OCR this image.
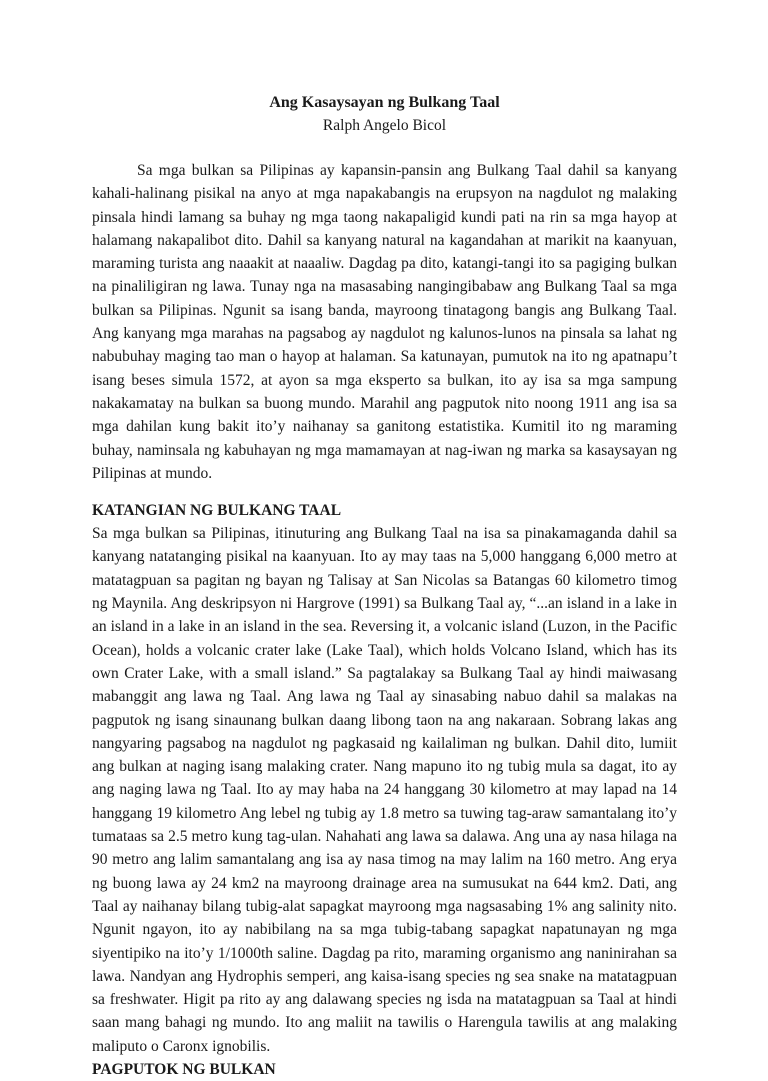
Ang Kasaysayan ng Bulkang Taal

Ralph Angelo Bicol

Sa mga bulkan sa Pilipinas ay kapansin-pansin ang Bulkang Taal dahil sa kanyang kahali-halinang pisikal na anyo at mga napakabangis na erupsyon na nagdulot ng malaking pinsala hindi lamang sa buhay ng mga taong nakapaligid kundi pati na rin sa mga hayop at halamang nakapalibot dito. Dahil sa kanyang natural na kagandahan at marikit na kaanyuan, maraming turista ang naaakit at naaaliw. Dagdag pa dito, katangi-tangi ito sa pagiging bulkan na pinaliligiran ng lawa. Tunay nga na masasabing nangingibabaw ang Bulkang Taal sa mga bulkan sa Pilipinas. Ngunit sa isang banda, mayroong tinatagong bangis ang Bulkang Taal. Ang kanyang mga marahas na pagsabog ay nagdulot ng kalunos-lunos na pinsala sa lahat ng nabubuhay maging tao man o hayop at halaman. Sa katunayan, pumutok na ito ng apatnapu’t isang beses simula 1572, at ayon sa mga eksperto sa bulkan, ito ay isa sa mga sampung nakakamatay na bulkan sa buong mundo. Marahil ang pagputok nito noong 1911 ang isa sa mga dahilan kung bakit ito’y naihanay sa ganitong estatistika. Kumitil ito ng maraming buhay, naminsala ng kabuhayan ng mga mamamayan at nag-iwan ng marka sa kasaysayan ng Pilipinas at mundo.

KATANGIAN NG BULKANG TAAL

Sa mga bulkan sa Pilipinas, itinuturing ang Bulkang Taal na isa sa pinakamaganda dahil sa kanyang natatanging pisikal na kaanyuan. Ito ay may taas na 5,000 hanggang 6,000 metro at matatagpuan sa pagitan ng bayan ng Talisay at San Nicolas sa Batangas 60 kilometro timog ng Maynila. Ang deskripsyon ni Hargrove (1991) sa Bulkang Taal ay, “...an island in a lake in an island in a lake in an island in the sea. Reversing it, a volcanic island (Luzon, in the Pacific Ocean), holds a volcanic crater lake (Lake Taal), which holds Volcano Island, which has its own Crater Lake, with a small island.” Sa pagtalakay sa Bulkang Taal ay hindi maiwasang mabanggit ang lawa ng Taal. Ang lawa ng Taal ay sinasabing nabuo dahil sa malakas na pagputok ng isang sinaunang bulkan daang libong taon na ang nakaraan. Sobrang lakas ang nangyaring pagsabog na nagdulot ng pagkasaid ng kailaliman ng bulkan. Dahil dito, lumiit ang bulkan at naging isang malaking crater. Nang mapuno ito ng tubig mula sa dagat, ito ay ang naging lawa ng Taal. Ito ay may haba na 24 hanggang 30 kilometro at may lapad na 14 hanggang 19 kilometro Ang lebel ng tubig ay 1.8 metro sa tuwing tag-araw samantalang ito’y tumataas sa 2.5 metro kung tag-ulan. Nahahati ang lawa sa dalawa. Ang una ay nasa hilaga na 90 metro ang lalim samantalang ang isa ay nasa timog na may lalim na 160 metro. Ang erya ng buong lawa ay 24 km2 na mayroong drainage area na sumusukat na 644 km2. Dati, ang Taal ay naihanay bilang tubig-alat sapagkat mayroong mga nagsasabing 1% ang salinity nito. Ngunit ngayon, ito ay nabibilang na sa mga tubig-tabang sapagkat napatunayan ng mga siyentipiko na ito’y 1/1000th saline. Dagdag pa rito, maraming organismo ang naninirahan sa lawa. Nandyan ang Hydrophis semperi, ang kaisa-isang species ng sea snake na matatagpuan sa freshwater. Higit pa rito ay ang dalawang species ng isda na matatagpuan sa Taal at hindi saan mang bahagi ng mundo. Ito ang maliit na tawilis o Harengula tawilis at ang malaking maliputo o Caronx ignobilis.

PAGPUTOK NG BULKAN
